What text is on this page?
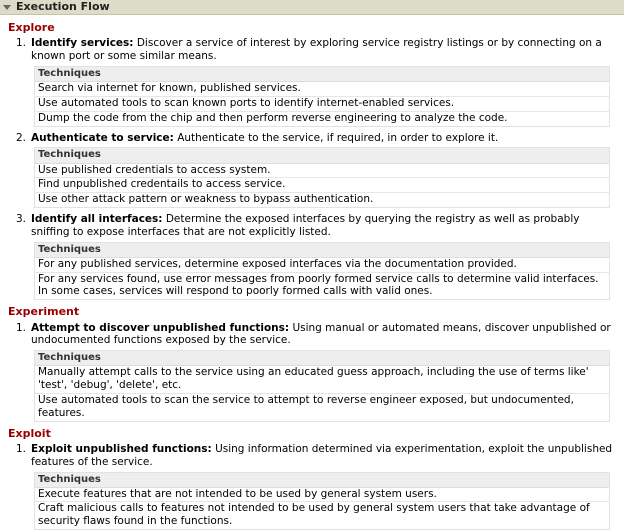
Execution Flow
Explore
1. Identify services: Discover a service of interest by exploring service registry listings or by connecting on a known port or some similar means.
Techniques
Search via internet for known, published services.
Use automated tools to scan known ports to identify internet-enabled services.
Dump the code from the chip and then perform reverse engineering to analyze the code.
2. Authenticate to service: Authenticate to the service, if required, in order to explore it.
Techniques
Use published credentials to access system.
Find unpublished credentails to access service.
Use other attack pattern or weakness to bypass authentication.
3. Identify all interfaces: Determine the exposed interfaces by querying the registry as well as probably sniffing to expose interfaces that are not explicitly listed.
Techniques
For any published services, determine exposed interfaces via the documentation provided.
For any services found, use error messages from poorly formed service calls to determine valid interfaces. In some cases, services will respond to poorly formed calls with valid ones.
Experiment
1. Attempt to discover unpublished functions: Using manual or automated means, discover unpublished or undocumented functions exposed by the service.
Techniques
Manually attempt calls to the service using an educated guess approach, including the use of terms like' 'test', 'debug', 'delete', etc.
Use automated tools to scan the service to attempt to reverse engineer exposed, but undocumented, features.
Exploit
1. Exploit unpublished functions: Using information determined via experimentation, exploit the unpublished features of the service.
Techniques
Execute features that are not intended to be used by general system users.
Craft malicious calls to features not intended to be used by general system users that take advantage of security flaws found in the functions.
